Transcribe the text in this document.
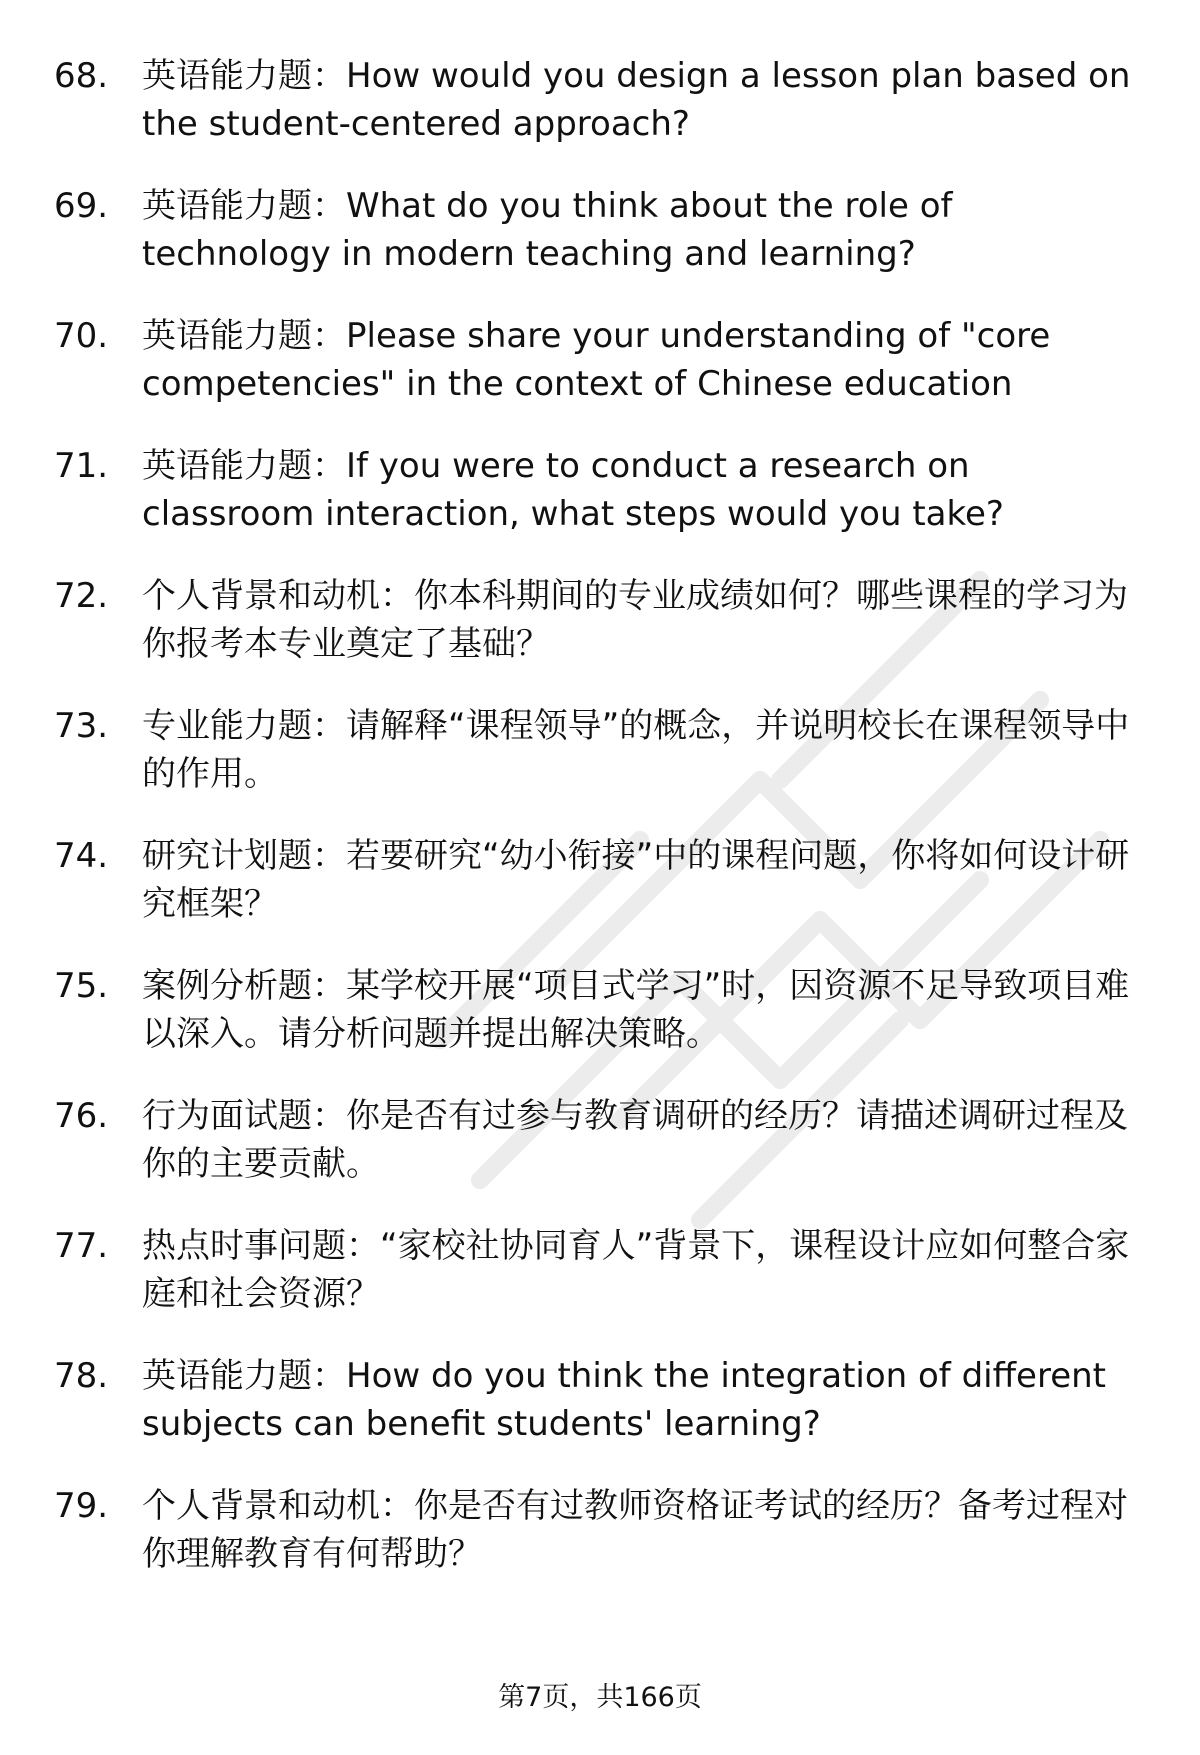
68. 英语能力题：How would you design a lesson plan based on the student-centered approach?
69. 英语能力题：What do you think about the role of technology in modern teaching and learning?
70. 英语能力题：Please share your understanding of "core competencies" in the context of Chinese education
71. 英语能力题：If you were to conduct a research on classroom interaction, what steps would you take?
72. 个人背景和动机：你本科期间的专业成绩如何？哪些课程的学习为你报考本专业奠定了基础？
73. 专业能力题：请解释“课程领导”的概念，并说明校长在课程领导中的作用。
74. 研究计划题：若要研究“幼小衔接”中的课程问题，你将如何设计研究框架？
75. 案例分析题：某学校开展“项目式学习”时，因资源不足导致项目难以深入。请分析问题并提出解决策略。
76. 行为面试题：你是否有过参与教育调研的经历？请描述调研过程及你的主要贡献。
77. 热点时事问题：“家校社协同育人”背景下，课程设计应如何整合家庭和社会资源？
78. 英语能力题：How do you think the integration of different subjects can benefit students' learning?
79. 个人背景和动机：你是否有过教师资格证考试的经历？备考过程对你理解教育有何帮助？
第7页，共166页
